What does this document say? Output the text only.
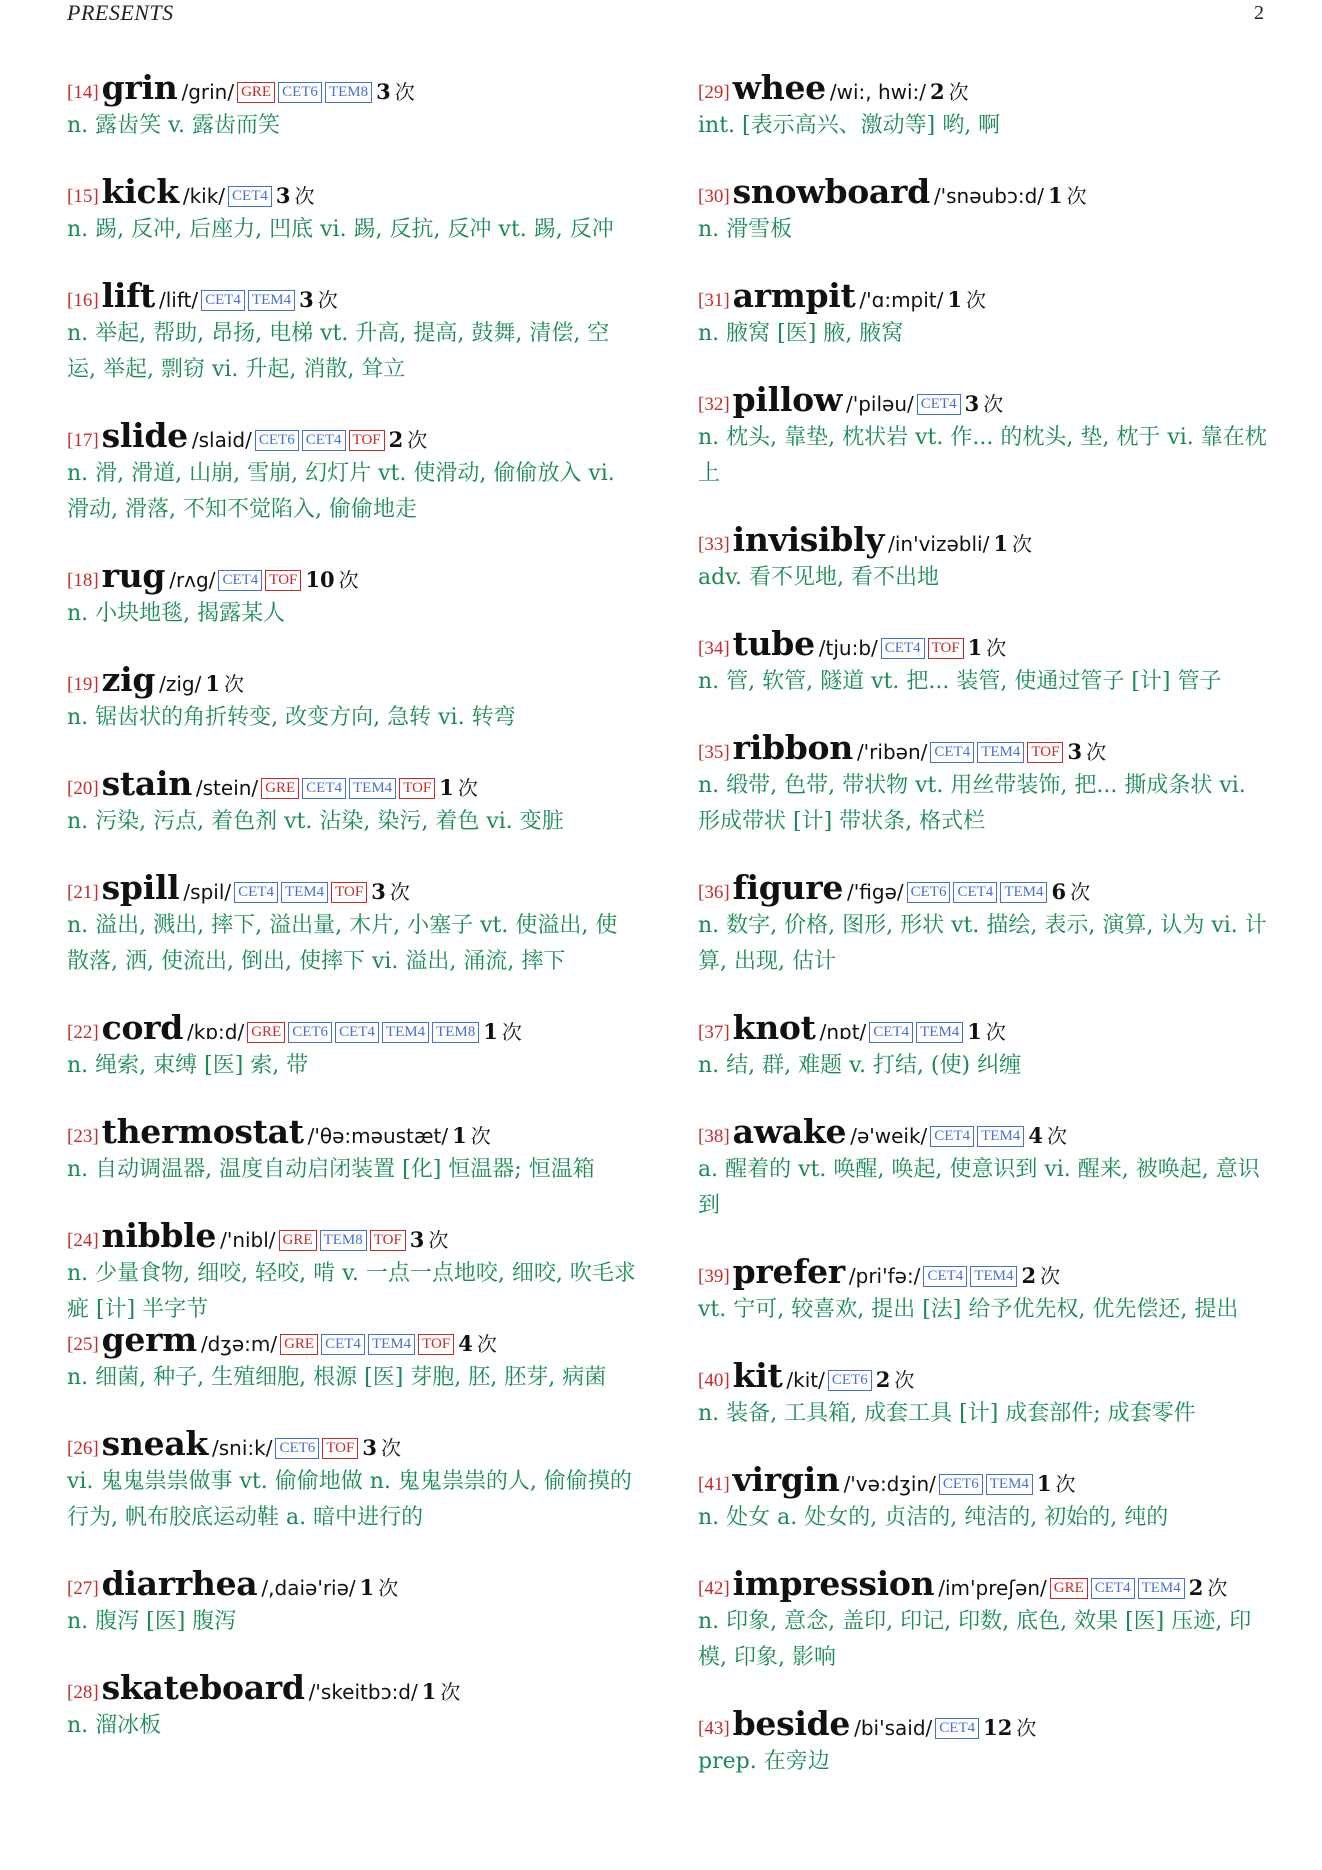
PRESENTS	2
[14]grin /grin/ GRE CET6 TEM8 3 次
n. 露齿笑 v. 露齿而笑
[15]kick /kik/ CET4 3 次
n. 踢, 反冲, 后座力, 凹底 vi. 踢, 反抗, 反冲 vt. 踢, 反冲
[16]lift /lift/ CET4 TEM4 3 次
n. 举起, 帮助, 昂扬, 电梯 vt. 升高, 提高, 鼓舞, 清偿, 空运, 举起, 剽窃 vi. 升起, 消散, 耸立
[17]slide /slaid/ CET6 CET4 TOF 2 次
n. 滑, 滑道, 山崩, 雪崩, 幻灯片 vt. 使滑动, 偷偷放入 vi. 滑动, 滑落, 不知不觉陷入, 偷偷地走
[18]rug /rʌg/ CET4 TOF 10 次
n. 小块地毯, 揭露某人
[19]zig /zig/ 1 次
n. 锯齿状的角折转变, 改变方向, 急转 vi. 转弯
[20]stain /stein/ GRE CET4 TEM4 TOF 1 次
n. 污染, 污点, 着色剂 vt. 沾染, 染污, 着色 vi. 变脏
[21]spill /spil/ CET4 TEM4 TOF 3 次
n. 溢出, 溅出, 摔下, 溢出量, 木片, 小塞子 vt. 使溢出, 使散落, 洒, 使流出, 倒出, 使摔下 vi. 溢出, 涌流, 摔下
[22]cord /kɒ:d/ GRE CET6 CET4 TEM4 TEM8 1 次
n. 绳索, 束缚 [医] 索, 带
[23]thermostat /'θə:məustæt/ 1 次
n. 自动调温器, 温度自动启闭装置 [化] 恒温器; 恒温箱
[24]nibble /'nibl/ GRE TEM8 TOF 3 次
n. 少量食物, 细咬, 轻咬, 啃 v. 一点一点地咬, 细咬, 吹毛求疵 [计] 半字节
[25]germ /dʒə:m/ GRE CET4 TEM4 TOF 4 次
n. 细菌, 种子, 生殖细胞, 根源 [医] 芽胞, 胚, 胚芽, 病菌
[26]sneak /sni:k/ CET6 TOF 3 次
vi. 鬼鬼祟祟做事 vt. 偷偷地做 n. 鬼鬼祟祟的人, 偷偷摸的行为, 帆布胶底运动鞋 a. 暗中进行的
[27]diarrhea /,daiə'riə/ 1 次
n. 腹泻 [医] 腹泻
[28]skateboard /'skeitbɔ:d/ 1 次
n. 溜冰板
[29]whee /wi:, hwi:/ 2 次
int. [表示高兴、激动等] 哟, 啊
[30]snowboard /'snəubɔ:d/ 1 次
n. 滑雪板
[31]armpit /'ɑ:mpit/ 1 次
n. 腋窝 [医] 腋, 腋窝
[32]pillow /'piləu/ CET4 3 次
n. 枕头, 靠垫, 枕状岩 vt. 作... 的枕头, 垫, 枕于 vi. 靠在枕上
[33]invisibly /in'vizəbli/ 1 次
adv. 看不见地, 看不出地
[34]tube /tju:b/ CET4 TOF 1 次
n. 管, 软管, 隧道 vt. 把... 装管, 使通过管子 [计] 管子
[35]ribbon /'ribən/ CET4 TEM4 TOF 3 次
n. 缎带, 色带, 带状物 vt. 用丝带装饰, 把... 撕成条状 vi. 形成带状 [计] 带状条, 格式栏
[36]figure /'figə/ CET6 CET4 TEM4 6 次
n. 数字, 价格, 图形, 形状 vt. 描绘, 表示, 演算, 认为 vi. 计算, 出现, 估计
[37]knot /nɒt/ CET4 TEM4 1 次
n. 结, 群, 难题 v. 打结, (使) 纠缠
[38]awake /ə'weik/ CET4 TEM4 4 次
a. 醒着的 vt. 唤醒, 唤起, 使意识到 vi. 醒来, 被唤起, 意识到
[39]prefer /pri'fə:/ CET4 TEM4 2 次
vt. 宁可, 较喜欢, 提出 [法] 给予优先权, 优先偿还, 提出
[40]kit /kit/ CET6 2 次
n. 装备, 工具箱, 成套工具 [计] 成套部件; 成套零件
[41]virgin /'və:dʒin/ CET6 TEM4 1 次
n. 处女 a. 处女的, 贞洁的, 纯洁的, 初始的, 纯的
[42]impression /im'preʃən/ GRE CET4 TEM4 2 次
n. 印象, 意念, 盖印, 印记, 印数, 底色, 效果 [医] 压迹, 印模, 印象, 影响
[43]beside /bi'said/ CET4 12 次
prep. 在旁边
